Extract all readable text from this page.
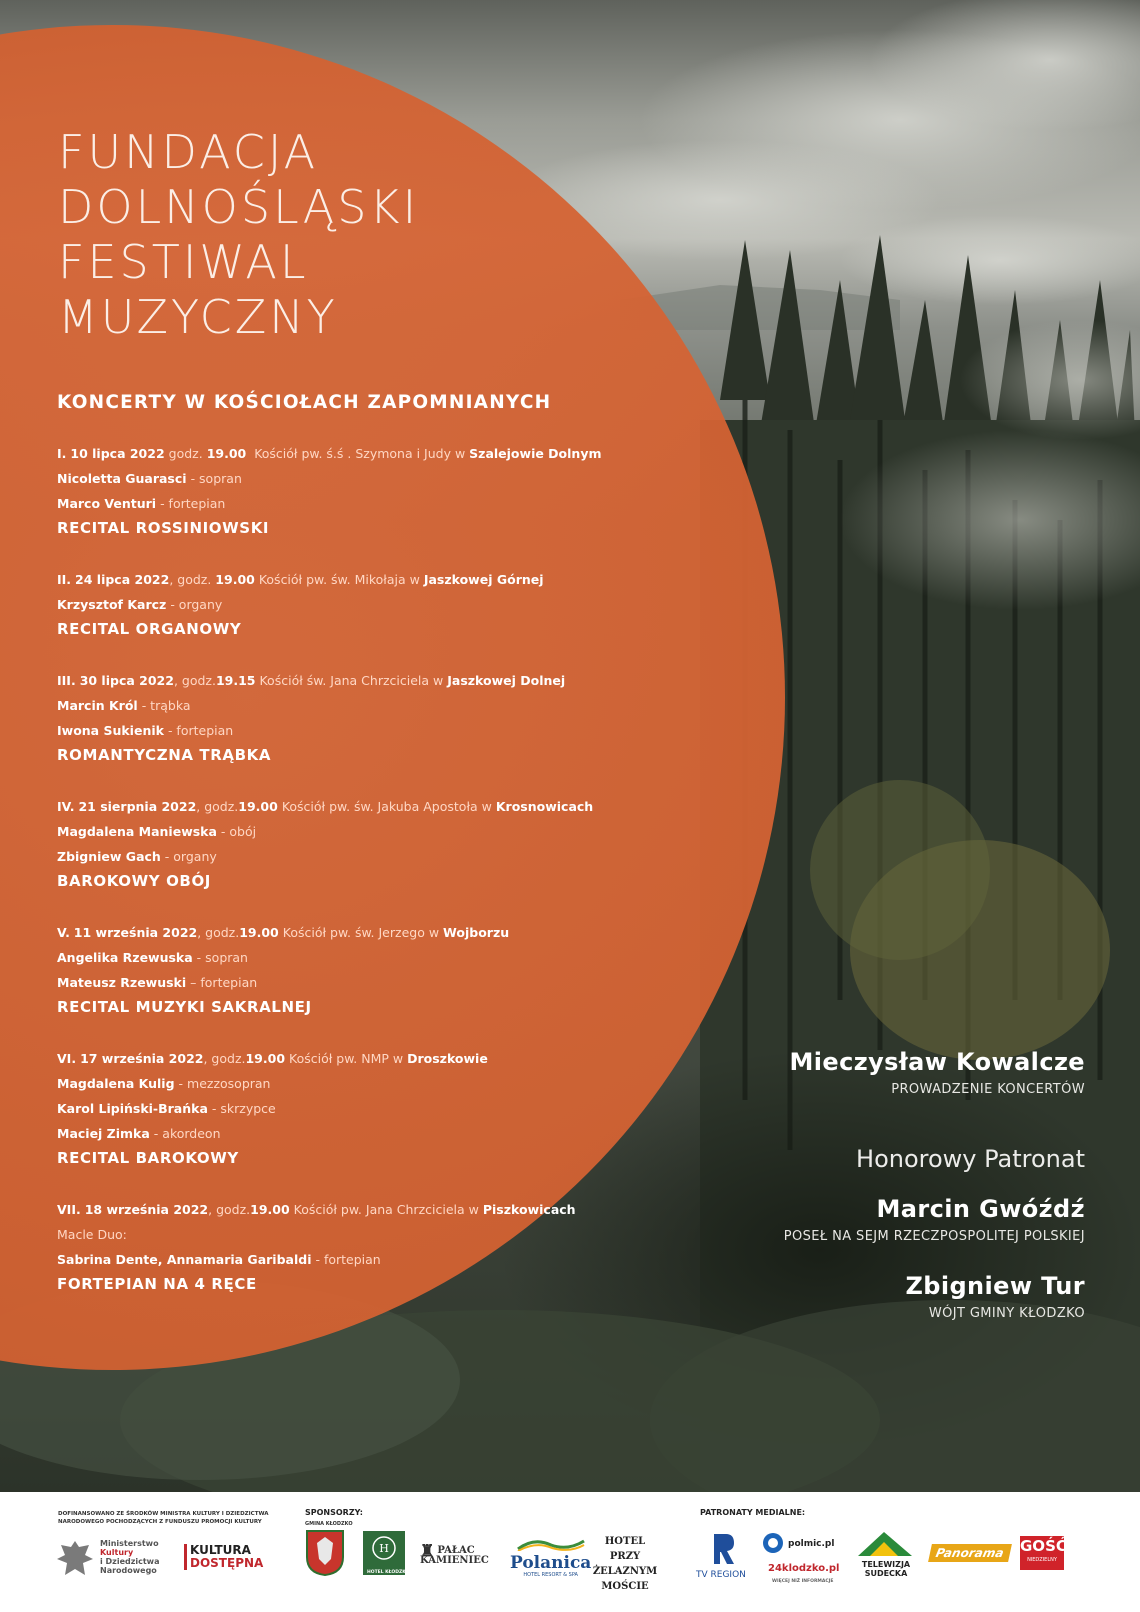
FUNDACJA
DOLNOŚLĄSKI
FESTIWAL
MUZYCZNY
KONCERTY W KOŚCIOŁACH ZAPOMNIANYCH
I. 10 lipca 2022 godz. 19.00 Kościół pw. ś.ś . Szymona i Judy w Szalejowie Dolnym
Nicoletta Guarasci - sopran
Marco Venturi - fortepian
RECITAL ROSSINIOWSKI
II. 24 lipca 2022, godz. 19.00 Kościół pw. św. Mikołaja w Jaszkowej Górnej
Krzysztof Karcz - organy
RECITAL ORGANOWY
III. 30 lipca 2022, godz.19.15 Kościół św. Jana Chrzciciela w Jaszkowej Dolnej
Marcin Król - trąbka
Iwona Sukienik - fortepian
ROMANTYCZNA TRĄBKA
IV. 21 sierpnia 2022, godz.19.00 Kościół pw. św. Jakuba Apostoła w Krosnowicach
Magdalena Maniewska - obój
Zbigniew Gach - organy
BAROKOWY OBÓJ
V. 11 września 2022, godz.19.00 Kościół pw. św. Jerzego w Wojborzu
Angelika Rzewuska - sopran
Mateusz Rzewuski – fortepian
RECITAL MUZYKI SAKRALNEJ
VI. 17 września 2022, godz.19.00 Kościół pw. NMP w Droszkowie
Magdalena Kulig - mezzosopran
Karol Lipiński-Brańka - skrzypce
Maciej Zimka - akordeon
RECITAL BAROKOWY
VII. 18 września 2022, godz.19.00 Kościół pw. Jana Chrzciciela w Piszkowicach
Macle Duo:
Sabrina Dente, Annamaria Garibaldi - fortepian
FORTEPIAN NA 4 RĘCE
Mieczysław Kowalcze
PROWADZENIE KONCERTÓW
Honorowy Patronat
Marcin Gwóźdź
POSEŁ NA SEJM RZECZPOSPOLITEJ POLSKIEJ
Zbigniew Tur
WÓJT GMINY KŁODZKO
DOFINANSOWANO ZE ŚRODKÓW MINISTRA KULTURY I DZIEDZICTWA
NARODOWEGO POCHODZĄCYCH Z FUNDUSZU PROMOCJI KULTURY
Ministerstwo
Kultury
i Dziedzictwa
Narodowego
KULTURA
DOSTĘPNA
SPONSORZY:
GMINA KŁODZKO
H
HOTEL KŁODZKO
♜ PAŁAC
KAMIENIEC Polanica
HOTEL RESORT & SPA
HOTEL PRZY
ŻELAZNYM
MOŚCIE
PATRONATY MEDIALNE:
TV REGION
polmic.pl
24klodzko.pl
WIĘCEJ NIŻ INFORMACJE
TELEWIZJA
SUDECKA
Panorama GOŚĆ
NIEDZIELNY
